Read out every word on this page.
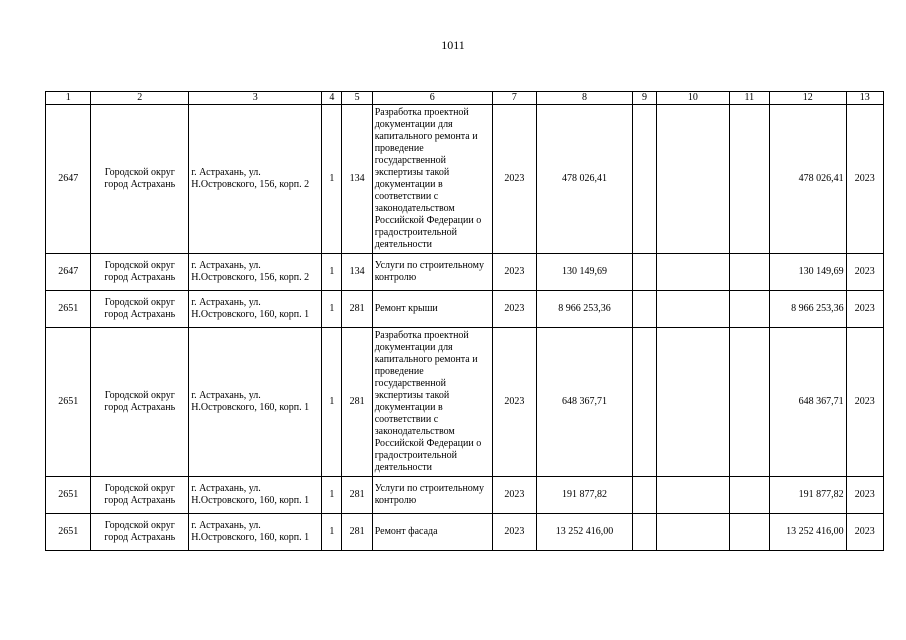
1011
1	2	3	4	5	6	7	8	9	10	11	12	13
2647	Городской округ город Астрахань	г. Астрахань, ул. Н.Островского, 156, корп. 2	1	134	Разработка проектной документации для капитального ремонта и проведение государственной экспертизы такой документации в соответствии с законодательством Российской Федерации о градостроительной деятельности	2023	478 026,41				478 026,41	2023
2647	Городской округ город Астрахань	г. Астрахань, ул. Н.Островского, 156, корп. 2	1	134	Услуги по строительному контролю	2023	130 149,69				130 149,69	2023
2651	Городской округ город Астрахань	г. Астрахань, ул. Н.Островского, 160, корп. 1	1	281	Ремонт крыши	2023	8 966 253,36				8 966 253,36	2023
2651	Городской округ город Астрахань	г. Астрахань, ул. Н.Островского, 160, корп. 1	1	281	Разработка проектной документации для капитального ремонта и проведение государственной экспертизы такой документации в соответствии с законодательством Российской Федерации о градостроительной деятельности	2023	648 367,71				648 367,71	2023
2651	Городской округ город Астрахань	г. Астрахань, ул. Н.Островского, 160, корп. 1	1	281	Услуги по строительному контролю	2023	191 877,82				191 877,82	2023
2651	Городской округ город Астрахань	г. Астрахань, ул. Н.Островского, 160, корп. 1	1	281	Ремонт фасада	2023	13 252 416,00				13 252 416,00	2023
